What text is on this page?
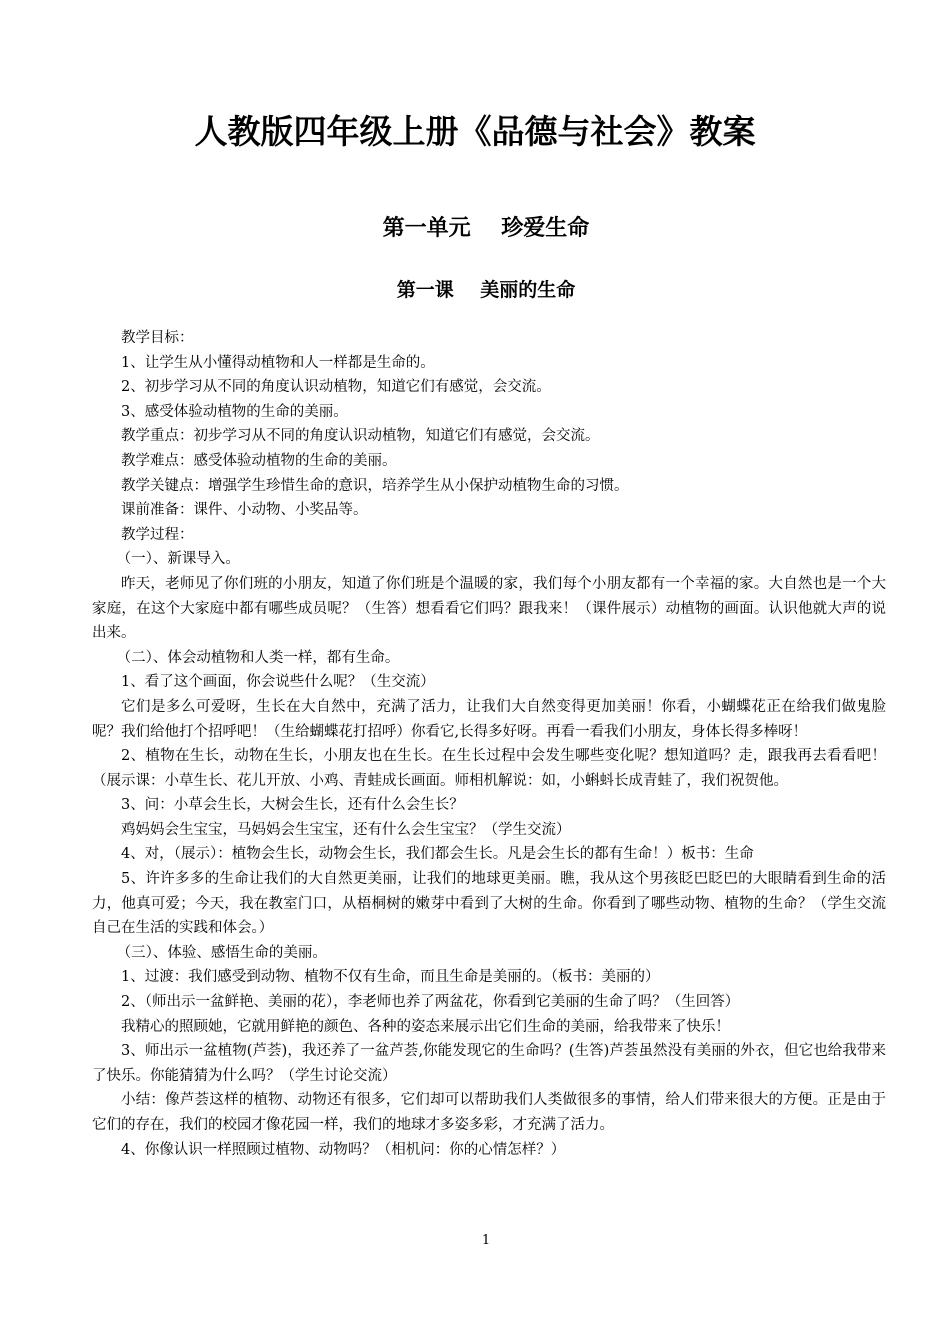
人教版四年级上册《品德与社会》教案
第一单元    珍爱生命
第一课    美丽的生命

教学目标：

1、让学生从小懂得动植物和人一样都是生命的。

2、初步学习从不同的角度认识动植物，知道它们有感觉，会交流。

3、感受体验动植物的生命的美丽。

教学重点：初步学习从不同的角度认识动植物，知道它们有感觉，会交流。

教学难点：感受体验动植物的生命的美丽。

教学关键点：增强学生珍惜生命的意识，培养学生从小保护动植物生命的习惯。

课前准备：课件、小动物、小奖品等。

教学过程：

（一）、新课导入。

昨天，老师见了你们班的小朋友，知道了你们班是个温暖的家，我们每个小朋友都有一个幸福的家。大自然也是一个大家庭，在这个大家庭中都有哪些成员呢？（生答）想看看它们吗？跟我来！（课件展示）动植物的画面。认识他就大声的说出来。

（二）、体会动植物和人类一样，都有生命。

1、看了这个画面，你会说些什么呢？（生交流）

它们是多么可爱呀，生长在大自然中，充满了活力，让我们大自然变得更加美丽！你看，小蝴蝶花正在给我们做鬼脸呢？我们给他打个招呼吧！（生给蝴蝶花打招呼）你看它,长得多好呀。再看一看我们小朋友，身体长得多棒呀！

2、植物在生长，动物在生长，小朋友也在生长。在生长过程中会发生哪些变化呢？想知道吗？走，跟我再去看看吧！（展示课：小草生长、花儿开放、小鸡、青蛙成长画面。师相机解说：如，小蝌蚪长成青蛙了，我们祝贺他。

3、问：小草会生长，大树会生长，还有什么会生长？

鸡妈妈会生宝宝，马妈妈会生宝宝，还有什么会生宝宝？（学生交流）

4、对，（展示）：植物会生长，动物会生长，我们都会生长。凡是会生长的都有生命！）板书：生命

5、许许多多的生命让我们的大自然更美丽，让我们的地球更美丽。瞧，我从这个男孩眨巴眨巴的大眼睛看到生命的活力，他真可爱；今天，我在教室门口，从梧桐树的嫩芽中看到了大树的生命。你看到了哪些动物、植物的生命？（学生交流自己在生活的实践和体会。）

（三）、体验、感悟生命的美丽。

1、过渡：我们感受到动物、植物不仅有生命，而且生命是美丽的。（板书：美丽的）

2、（师出示一盆鲜艳、美丽的花），李老师也养了两盆花，你看到它美丽的生命了吗？（生回答）

我精心的照顾她，它就用鲜艳的颜色、各种的姿态来展示出它们生命的美丽，给我带来了快乐！

3、师出示一盆植物(芦荟)，我还养了一盆芦荟,你能发现它的生命吗？(生答)芦荟虽然没有美丽的外衣，但它也给我带来了快乐。你能猜猜为什么吗？（学生讨论交流）

小结：像芦荟这样的植物、动物还有很多，它们却可以帮助我们人类做很多的事情，给人们带来很大的方便。正是由于它们的存在，我们的校园才像花园一样，我们的地球才多姿多彩，才充满了活力。

4、你像认识一样照顾过植物、动物吗？（相机问：你的心情怎样？）

1
